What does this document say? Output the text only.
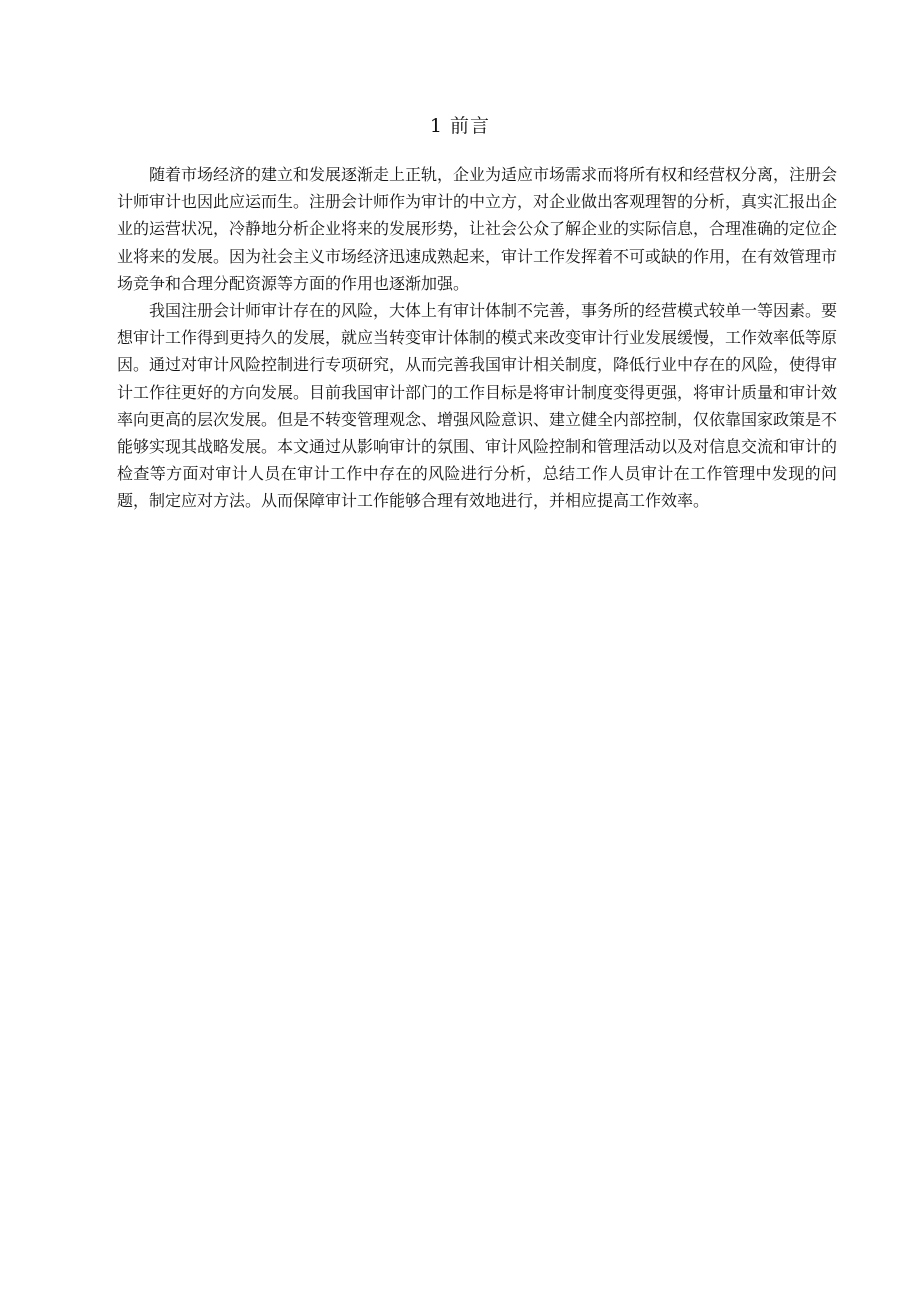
1 前言

随着市场经济的建立和发展逐渐走上正轨，企业为适应市场需求而将所有权和经营权分离，注册会计师审计也因此应运而生。注册会计师作为审计的中立方，对企业做出客观理智的分析，真实汇报出企业的运营状况，冷静地分析企业将来的发展形势，让社会公众了解企业的实际信息，合理准确的定位企业将来的发展。因为社会主义市场经济迅速成熟起来，审计工作发挥着不可或缺的作用，在有效管理市场竞争和合理分配资源等方面的作用也逐渐加强。

我国注册会计师审计存在的风险，大体上有审计体制不完善，事务所的经营模式较单一等因素。要想审计工作得到更持久的发展，就应当转变审计体制的模式来改变审计行业发展缓慢，工作效率低等原因。通过对审计风险控制进行专项研究，从而完善我国审计相关制度，降低行业中存在的风险，使得审计工作往更好的方向发展。目前我国审计部门的工作目标是将审计制度变得更强，将审计质量和审计效率向更高的层次发展。但是不转变管理观念、增强风险意识、建立健全内部控制，仅依靠国家政策是不能够实现其战略发展。本文通过从影响审计的氛围、审计风险控制和管理活动以及对信息交流和审计的检查等方面对审计人员在审计工作中存在的风险进行分析，总结工作人员审计在工作管理中发现的问题，制定应对方法。从而保障审计工作能够合理有效地进行，并相应提高工作效率。
